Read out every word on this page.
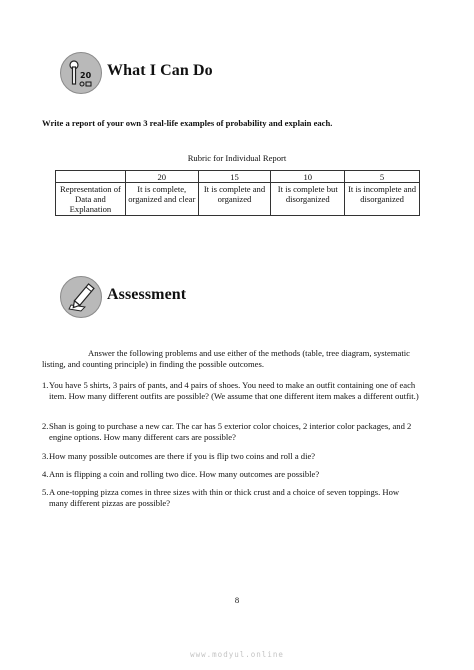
20 What I Can Do
Write a report of your own 3 real-life examples of probability and explain each.
Rubric for Individual Report
	20	15	10	5
Representation of Data and Explanation	It is complete, organized and clear	It is complete and organized	It is complete but disorganized	It is incomplete and disorganized
Assessment
Answer the following problems and use either of the methods (table, tree diagram, systematic listing, and counting principle) in finding the possible outcomes.
1. You have 5 shirts, 3 pairs of pants, and 4 pairs of shoes. You need to make an outfit containing one of each item. How many different outfits are possible? (We assume that one different item makes a different outfit.)
2. Shan is going to purchase a new car. The car has 5 exterior color choices, 2 interior color packages, and 2 engine options. How many different cars are possible?
3. How many possible outcomes are there if you is flip two coins and roll a die?
4. Ann is flipping a coin and rolling two dice. How many outcomes are possible?
5. A one-topping pizza comes in three sizes with thin or thick crust and a choice of seven toppings. How many different pizzas are possible?
8
www.modyul.online
